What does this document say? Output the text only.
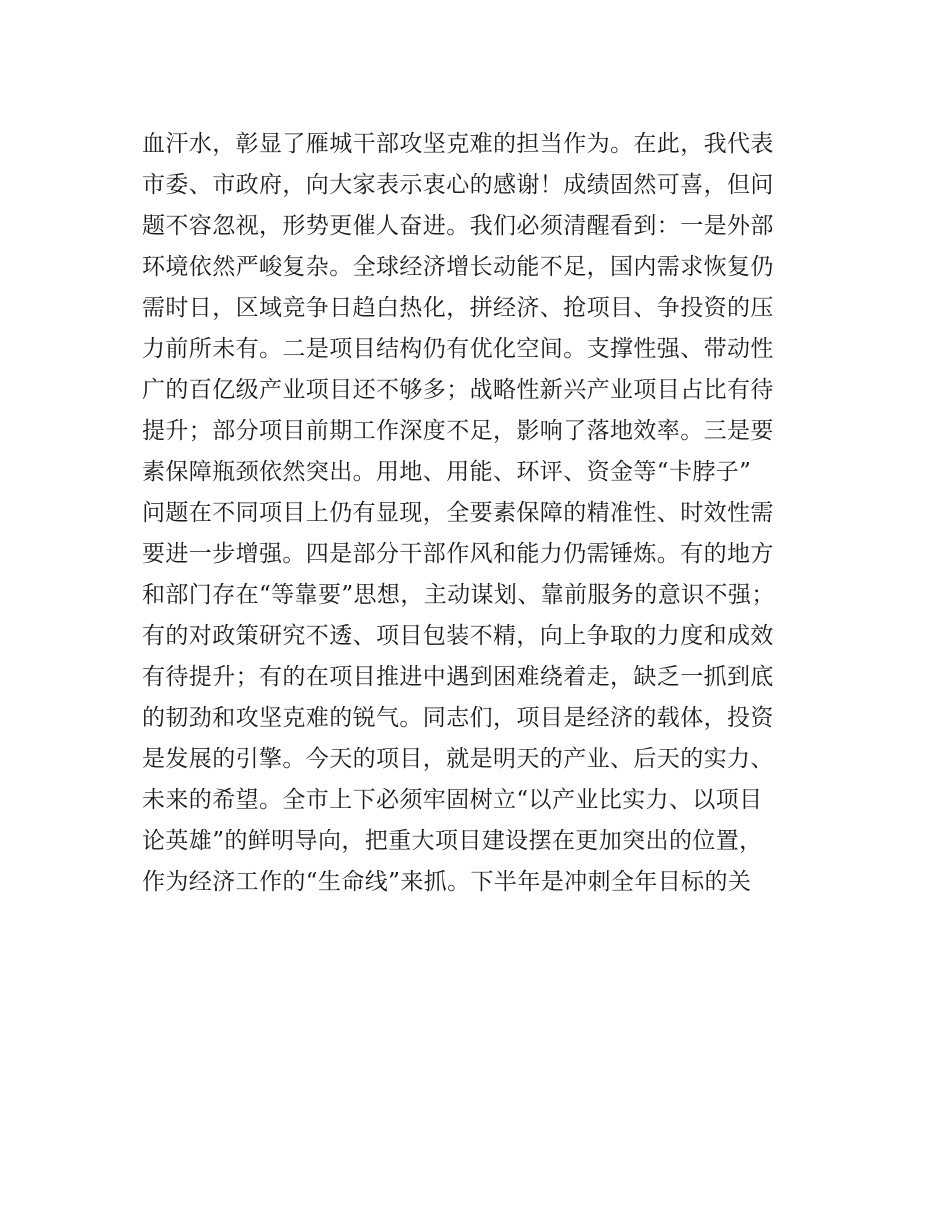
血汗水，彰显了雁城干部攻坚克难的担当作为。在此，我代表
市委、市政府，向大家表示衷心的感谢！成绩固然可喜，但问
题不容忽视，形势更催人奋进。我们必须清醒看到：一是外部
环境依然严峻复杂。全球经济增长动能不足，国内需求恢复仍
需时日，区域竞争日趋白热化，拼经济、抢项目、争投资的压
力前所未有。二是项目结构仍有优化空间。支撑性强、带动性
广的百亿级产业项目还不够多；战略性新兴产业项目占比有待
提升；部分项目前期工作深度不足，影响了落地效率。三是要
素保障瓶颈依然突出。用地、用能、环评、资金等“卡脖子”
问题在不同项目上仍有显现，全要素保障的精准性、时效性需
要进一步增强。四是部分干部作风和能力仍需锤炼。有的地方
和部门存在“等靠要”思想，主动谋划、靠前服务的意识不强；
有的对政策研究不透、项目包装不精，向上争取的力度和成效
有待提升；有的在项目推进中遇到困难绕着走，缺乏一抓到底
的韧劲和攻坚克难的锐气。同志们，项目是经济的载体，投资
是发展的引擎。今天的项目，就是明天的产业、后天的实力、
未来的希望。全市上下必须牢固树立“以产业比实力、以项目
论英雄”的鲜明导向，把重大项目建设摆在更加突出的位置，
作为经济工作的“生命线”来抓。下半年是冲刺全年目标的关
